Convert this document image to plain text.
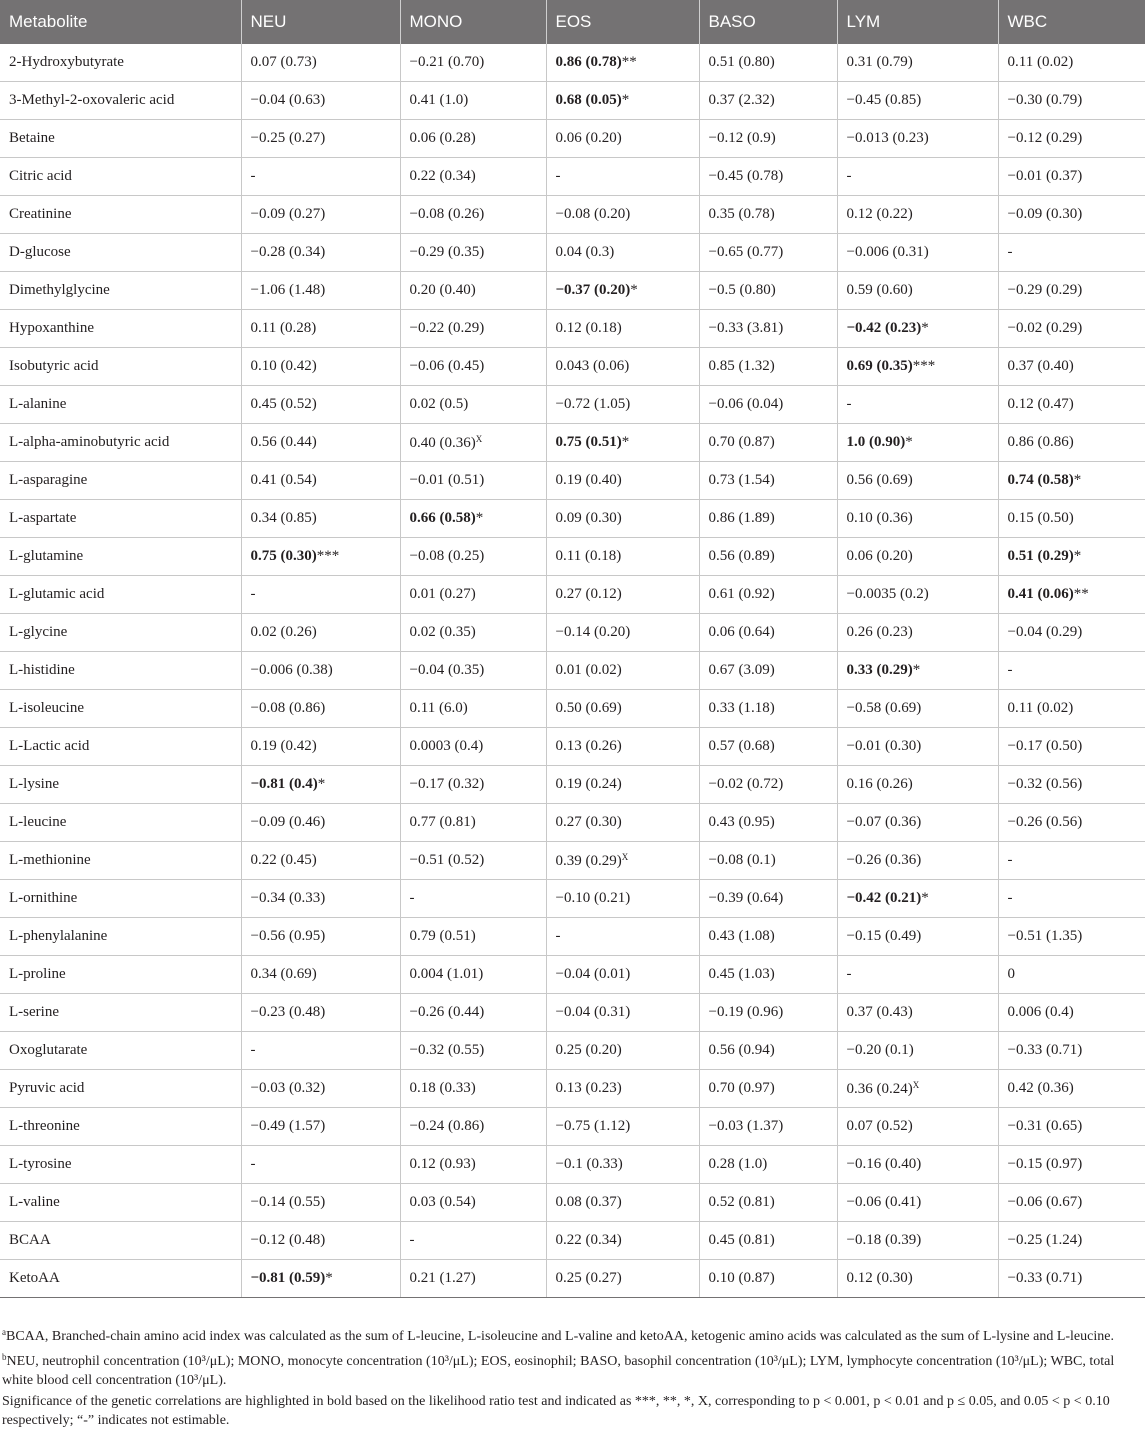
Metabolite	NEU	MONO	EOS	BASO	LYM	WBC
2-Hydroxybutyrate	0.07 (0.73)	−0.21 (0.70)	0.86 (0.78)**	0.51 (0.80)	0.31 (0.79)	0.11 (0.02)
3-Methyl-2-oxovaleric acid	−0.04 (0.63)	0.41 (1.0)	0.68 (0.05)*	0.37 (2.32)	−0.45 (0.85)	−0.30 (0.79)
Betaine	−0.25 (0.27)	0.06 (0.28)	0.06 (0.20)	−0.12 (0.9)	−0.013 (0.23)	−0.12 (0.29)
Citric acid	-	0.22 (0.34)	-	−0.45 (0.78)	-	−0.01 (0.37)
Creatinine	−0.09 (0.27)	−0.08 (0.26)	−0.08 (0.20)	0.35 (0.78)	0.12 (0.22)	−0.09 (0.30)
D-glucose	−0.28 (0.34)	−0.29 (0.35)	0.04 (0.3)	−0.65 (0.77)	−0.006 (0.31)	-
Dimethylglycine	−1.06 (1.48)	0.20 (0.40)	−0.37 (0.20)*	−0.5 (0.80)	0.59 (0.60)	−0.29 (0.29)
Hypoxanthine	0.11 (0.28)	−0.22 (0.29)	0.12 (0.18)	−0.33 (3.81)	−0.42 (0.23)*	−0.02 (0.29)
Isobutyric acid	0.10 (0.42)	−0.06 (0.45)	0.043 (0.06)	0.85 (1.32)	0.69 (0.35)***	0.37 (0.40)
L-alanine	0.45 (0.52)	0.02 (0.5)	−0.72 (1.05)	−0.06 (0.04)	-	0.12 (0.47)
L-alpha-aminobutyric acid	0.56 (0.44)	0.40 $(0.36)^X$	0.75 (0.51)*	0.70 (0.87)	1.0 (0.90)*	0.86 (0.86)
L-asparagine	0.41 (0.54)	−0.01 (0.51)	0.19 (0.40)	0.73 (1.54)	0.56 (0.69)	0.74 (0.58)*
L-aspartate	0.34 (0.85)	0.66 (0.58)*	0.09 (0.30)	0.86 (1.89)	0.10 (0.36)	0.15 (0.50)
L-glutamine	0.75 (0.30)***	−0.08 (0.25)	0.11 (0.18)	0.56 (0.89)	0.06 (0.20)	0.51 (0.29)*
L-glutamic acid	-	0.01 (0.27)	0.27 (0.12)	0.61 (0.92)	−0.0035 (0.2)	0.41 (0.06)**
L-glycine	0.02 (0.26)	0.02 (0.35)	−0.14 (0.20)	0.06 (0.64)	0.26 (0.23)	−0.04 (0.29)
L-histidine	−0.006 (0.38)	−0.04 (0.35)	0.01 (0.02)	0.67 (3.09)	0.33 (0.29)*	-
L-isoleucine	−0.08 (0.86)	0.11 (6.0)	0.50 (0.69)	0.33 (1.18)	−0.58 (0.69)	0.11 (0.02)
L-Lactic acid	0.19 (0.42)	0.0003 (0.4)	0.13 (0.26)	0.57 (0.68)	−0.01 (0.30)	−0.17 (0.50)
L-lysine	−0.81 (0.4)*	−0.17 (0.32)	0.19 (0.24)	−0.02 (0.72)	0.16 (0.26)	−0.32 (0.56)
L-leucine	−0.09 (0.46)	0.77 (0.81)	0.27 (0.30)	0.43 (0.95)	−0.07 (0.36)	−0.26 (0.56)
L-methionine	0.22 (0.45)	−0.51 (0.52)	0.39 $(0.29)^X$	−0.08 (0.1)	−0.26 (0.36)	-
L-ornithine	−0.34 (0.33)	-	−0.10 (0.21)	−0.39 (0.64)	−0.42 (0.21)*	-
L-phenylalanine	−0.56 (0.95)	0.79 (0.51)	-	0.43 (1.08)	−0.15 (0.49)	−0.51 (1.35)
L-proline	0.34 (0.69)	0.004 (1.01)	−0.04 (0.01)	0.45 (1.03)	-	0
L-serine	−0.23 (0.48)	−0.26 (0.44)	−0.04 (0.31)	−0.19 (0.96)	0.37 (0.43)	0.006 (0.4)
Oxoglutarate	-	−0.32 (0.55)	0.25 (0.20)	0.56 (0.94)	−0.20 (0.1)	−0.33 (0.71)
Pyruvic acid	−0.03 (0.32)	0.18 (0.33)	0.13 (0.23)	0.70 (0.97)	0.36 $(0.24)^X$	0.42 (0.36)
L-threonine	−0.49 (1.57)	−0.24 (0.86)	−0.75 (1.12)	−0.03 (1.37)	0.07 (0.52)	−0.31 (0.65)
L-tyrosine	-	0.12 (0.93)	−0.1 (0.33)	0.28 (1.0)	−0.16 (0.40)	−0.15 (0.97)
L-valine	−0.14 (0.55)	0.03 (0.54)	0.08 (0.37)	0.52 (0.81)	−0.06 (0.41)	−0.06 (0.67)
BCAA	−0.12 (0.48)	-	0.22 (0.34)	0.45 (0.81)	−0.18 (0.39)	−0.25 (1.24)
KetoAA	−0.81 (0.59)*	0.21 (1.27)	0.25 (0.27)	0.10 (0.87)	0.12 (0.30)	−0.33 (0.71)

$^a$BCAA, Branched-chain amino acid index was calculated as the sum of L-leucine, L-isoleucine and L-valine and ketoAA, ketogenic amino acids was calculated as the sum of L-lysine and L-leucine.

$^b$NEU, neutrophil concentration (10³/μL); MONO, monocyte concentration (10³/μL); EOS, eosinophil; BASO, basophil concentration (10³/μL); LYM, lymphocyte concentration (10³/μL); WBC, total white blood cell concentration (10³/μL).

Significance of the genetic correlations are highlighted in bold based on the likelihood ratio test and indicated as ***, **, *, X, corresponding to p < 0.001, p < 0.01 and p ≤ 0.05, and 0.05 < p < 0.10 respectively; “-” indicates not estimable.
